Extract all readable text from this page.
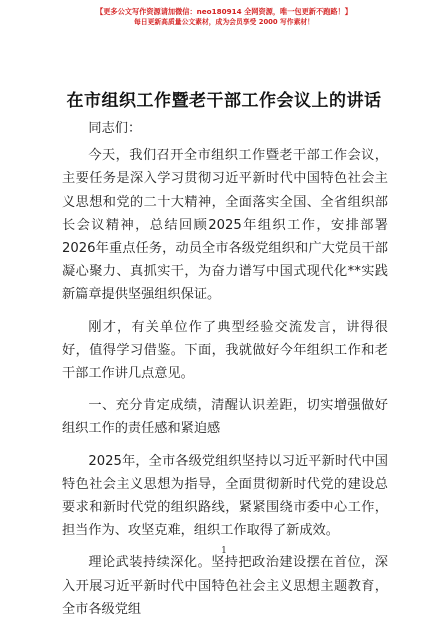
【更多公文写作资源请加微信：neo180914 全网资源，唯一包更新不跑路！】
每日更新高质量公文素材，成为会员享受 2000 写作素材！
在市组织工作暨老干部工作会议上的讲话

同志们：

今天，我们召开全市组织工作暨老干部工作会议，主要任务是深入学习贯彻习近平新时代中国特色社会主义思想和党的二十大精神，全面落实全国、全省组织部长会议精神，总结回顾2025年组织工作，安排部署2026年重点任务，动员全市各级党组织和广大党员干部凝心聚力、真抓实干，为奋力谱写中国式现代化**实践新篇章提供坚强组织保证。

刚才，有关单位作了典型经验交流发言，讲得很好，值得学习借鉴。下面，我就做好今年组织工作和老干部工作讲几点意见。

一、充分肯定成绩，清醒认识差距，切实增强做好组织工作的责任感和紧迫感

2025年，全市各级党组织坚持以习近平新时代中国特色社会主义思想为指导，全面贯彻新时代党的建设总要求和新时代党的组织路线，紧紧围绕市委中心工作，担当作为、攻坚克难，组织工作取得了新成效。

理论武装持续深化。坚持把政治建设摆在首位，深入开展习近平新时代中国特色社会主义思想主题教育，全市各级党组

1
